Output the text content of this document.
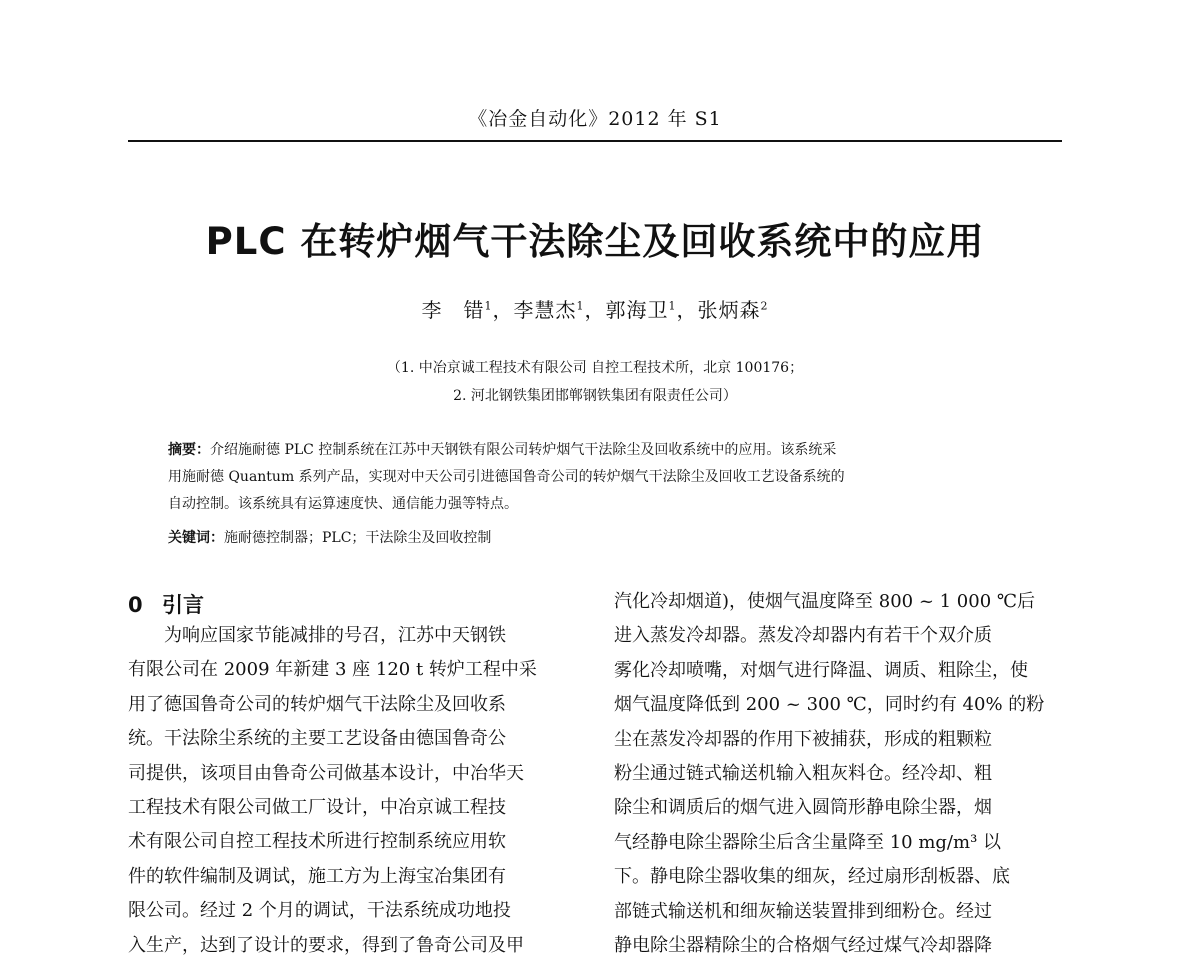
《冶金自动化》2012 年 S1
PLC 在转炉烟气干法除尘及回收系统中的应用
李　错$^1$，李慧杰$^1$，郭海卫$^1$，张炳森$^2$
（1. 中冶京诚工程技术有限公司 自控工程技术所，北京 100176；
2. 河北钢铁集团邯郸钢铁集团有限责任公司）

摘要：介绍施耐德 PLC 控制系统在江苏中天钢铁有限公司转炉烟气干法除尘及回收系统中的应用。该系统采

用施耐德 Quantum 系列产品，实现对中天公司引进德国鲁奇公司的转炉烟气干法除尘及回收工艺设备系统的

自动控制。该系统具有运算速度快、通信能力强等特点。

关键词：施耐德控制器；PLC；干法除尘及回收控制
0 引言
为响应国家节能减排的号召，江苏中天钢铁
有限公司在 2009 年新建 3 座 120 t 转炉工程中采
用了德国鲁奇公司的转炉烟气干法除尘及回收系
统。干法除尘系统的主要工艺设备由德国鲁奇公
司提供，该项目由鲁奇公司做基本设计，中冶华天
工程技术有限公司做工厂设计，中冶京诚工程技
术有限公司自控工程技术所进行控制系统应用软
件的软件编制及调试，施工方为上海宝冶集团有
限公司。经过 2 个月的调试，干法系统成功地投
入生产，达到了设计的要求，得到了鲁奇公司及甲
汽化冷却烟道)，使烟气温度降至 800 ~ 1 000 ℃后
进入蒸发冷却器。蒸发冷却器内有若干个双介质
雾化冷却喷嘴，对烟气进行降温、调质、粗除尘，使
烟气温度降低到 200 ~ 300 ℃，同时约有 40% 的粉
尘在蒸发冷却器的作用下被捕获，形成的粗颗粒
粉尘通过链式输送机输入粗灰料仓。经冷却、粗
除尘和调质后的烟气进入圆筒形静电除尘器，烟
气经静电除尘器除尘后含尘量降至 10 mg/m³ 以
下。静电除尘器收集的细灰，经过扇形刮板器、底
部链式输送机和细灰输送装置排到细粉仓。经过
静电除尘器精除尘的合格烟气经过煤气冷却器降
